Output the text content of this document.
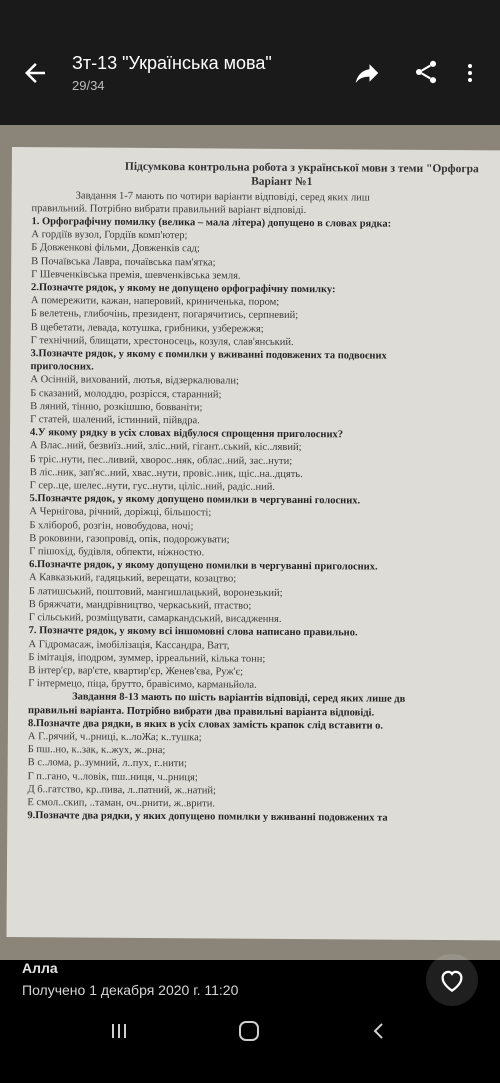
Зт-13 "Українська мова"
29/34
Підсумкова контрольна робота з української мови з теми "Орфогра
Варіант №1
Завдання 1-7 мають по чотири варіанти відповіді, серед яких лиш
правильний. Потрібно вибрати правильний варіант відповіді.
1. Орфографічну помилку (велика – мала літера) допущено в словах рядка:
А гордіїв вузол, Гордіїв комп'ютер;
Б Довженкові фільми, Довженків сад;
В Почаївська Лавра, почаївська пам'ятка;
Г Шевченківська премія, шевченківська земля.
2.Позначте рядок, у якому не допущено орфографічну помилку:
А помережити, кажан, наперовий, криниченька, пором;
Б велетень, глибочінь, президент, погарячитись, серпневий;
В щебетати, левада, котушка, грибники, узбережжя;
Г технічний, блищати, хрестоносець, козуля, слав'янський.
3.Позначте рядок, у якому є помилки у вживанні подовжених та подвоєних
приголосних.
А Осінній, вихований, лютья, відзеркалювали;
Б сказаний, молоддю, розрісся, старанний;
В ляний, тінню, розкішшю, бовваніти;
Г статей, шалений, істинний, пійвдра.
4.У якому рядку в усіх словах відбулося спрощення приголосних?
А Влас..ний, безвиїз..ний, зліс..ний, гігант..ський, кіс..лявий;
Б тріс..нути, пес..ливий, хворос..няк, облас..ний, зас..нути;
В ліс..ник, зап'яс..ний, хвас..нути, провіс..ник, щіс..на..дцять.
Г сер..це, шелес..нути, гус..нути, ціліс..ний, радіс..ний.
5.Позначте рядок, у якому допущено помилки в чергуванні голосних.
А Чернігова, річний, доріжці, більшості;
Б хлібороб, розгін, новобудова, ночі;
В роковини, газопровід, опік, подорожувати;
Г пішохід, будівля, обпекти, ніжностю.
6.Позначте рядок, у якому допущено помилки в чергуванні приголосних.
А Кавказький, гадяцький, верещати, козацтво;
Б латишський, поштовий, мангишлацький, воронезький;
В бряжчати, мандрівництво, черкаський, птаство;
Г сільський, розміщувати, самаркандський, висадження.
7. Позначте рядок, у якому всі іншомовні слова написано правильно.
А Гідромасаж, імобілізація, Кассандра, Ватт,
Б імітація, іподром, зуммер, ірреальний, кілька тонн;
В інтер'єр, вар'єте, квартир'єр, Женев'єва, Руж'є;
Г інтермецо, піца, брутто, бравісимо, карманьйола.
Завдання 8-13 мають по шість варіантів відповіді, серед яких лише дв
правильні варіанта. Потрібно вибрати два правильні варіанта відповіді.
8.Позначте два рядки, в яких в усіх словах замість крапок слід вставити о.
А Г..рячий, ч..рниці, к..лоЖа; к..тушка;
Б пш..но, к..зак, к..жух, ж..рна;
В с..лома, р..зумний, л..пух, г..нити;
Г п..гано, ч..ловік, пш..ниця, ч..рниця;
Д б..гатство, кр..пива, л..патний, ж..натий;
Е смол..скип, ..таман, оч..рнити, ж..врити.
9.Позначте два рядки, у яких допущено помилки у вживанні подовжених та
Алла
Получено 1 декабря 2020 г. 11:20
